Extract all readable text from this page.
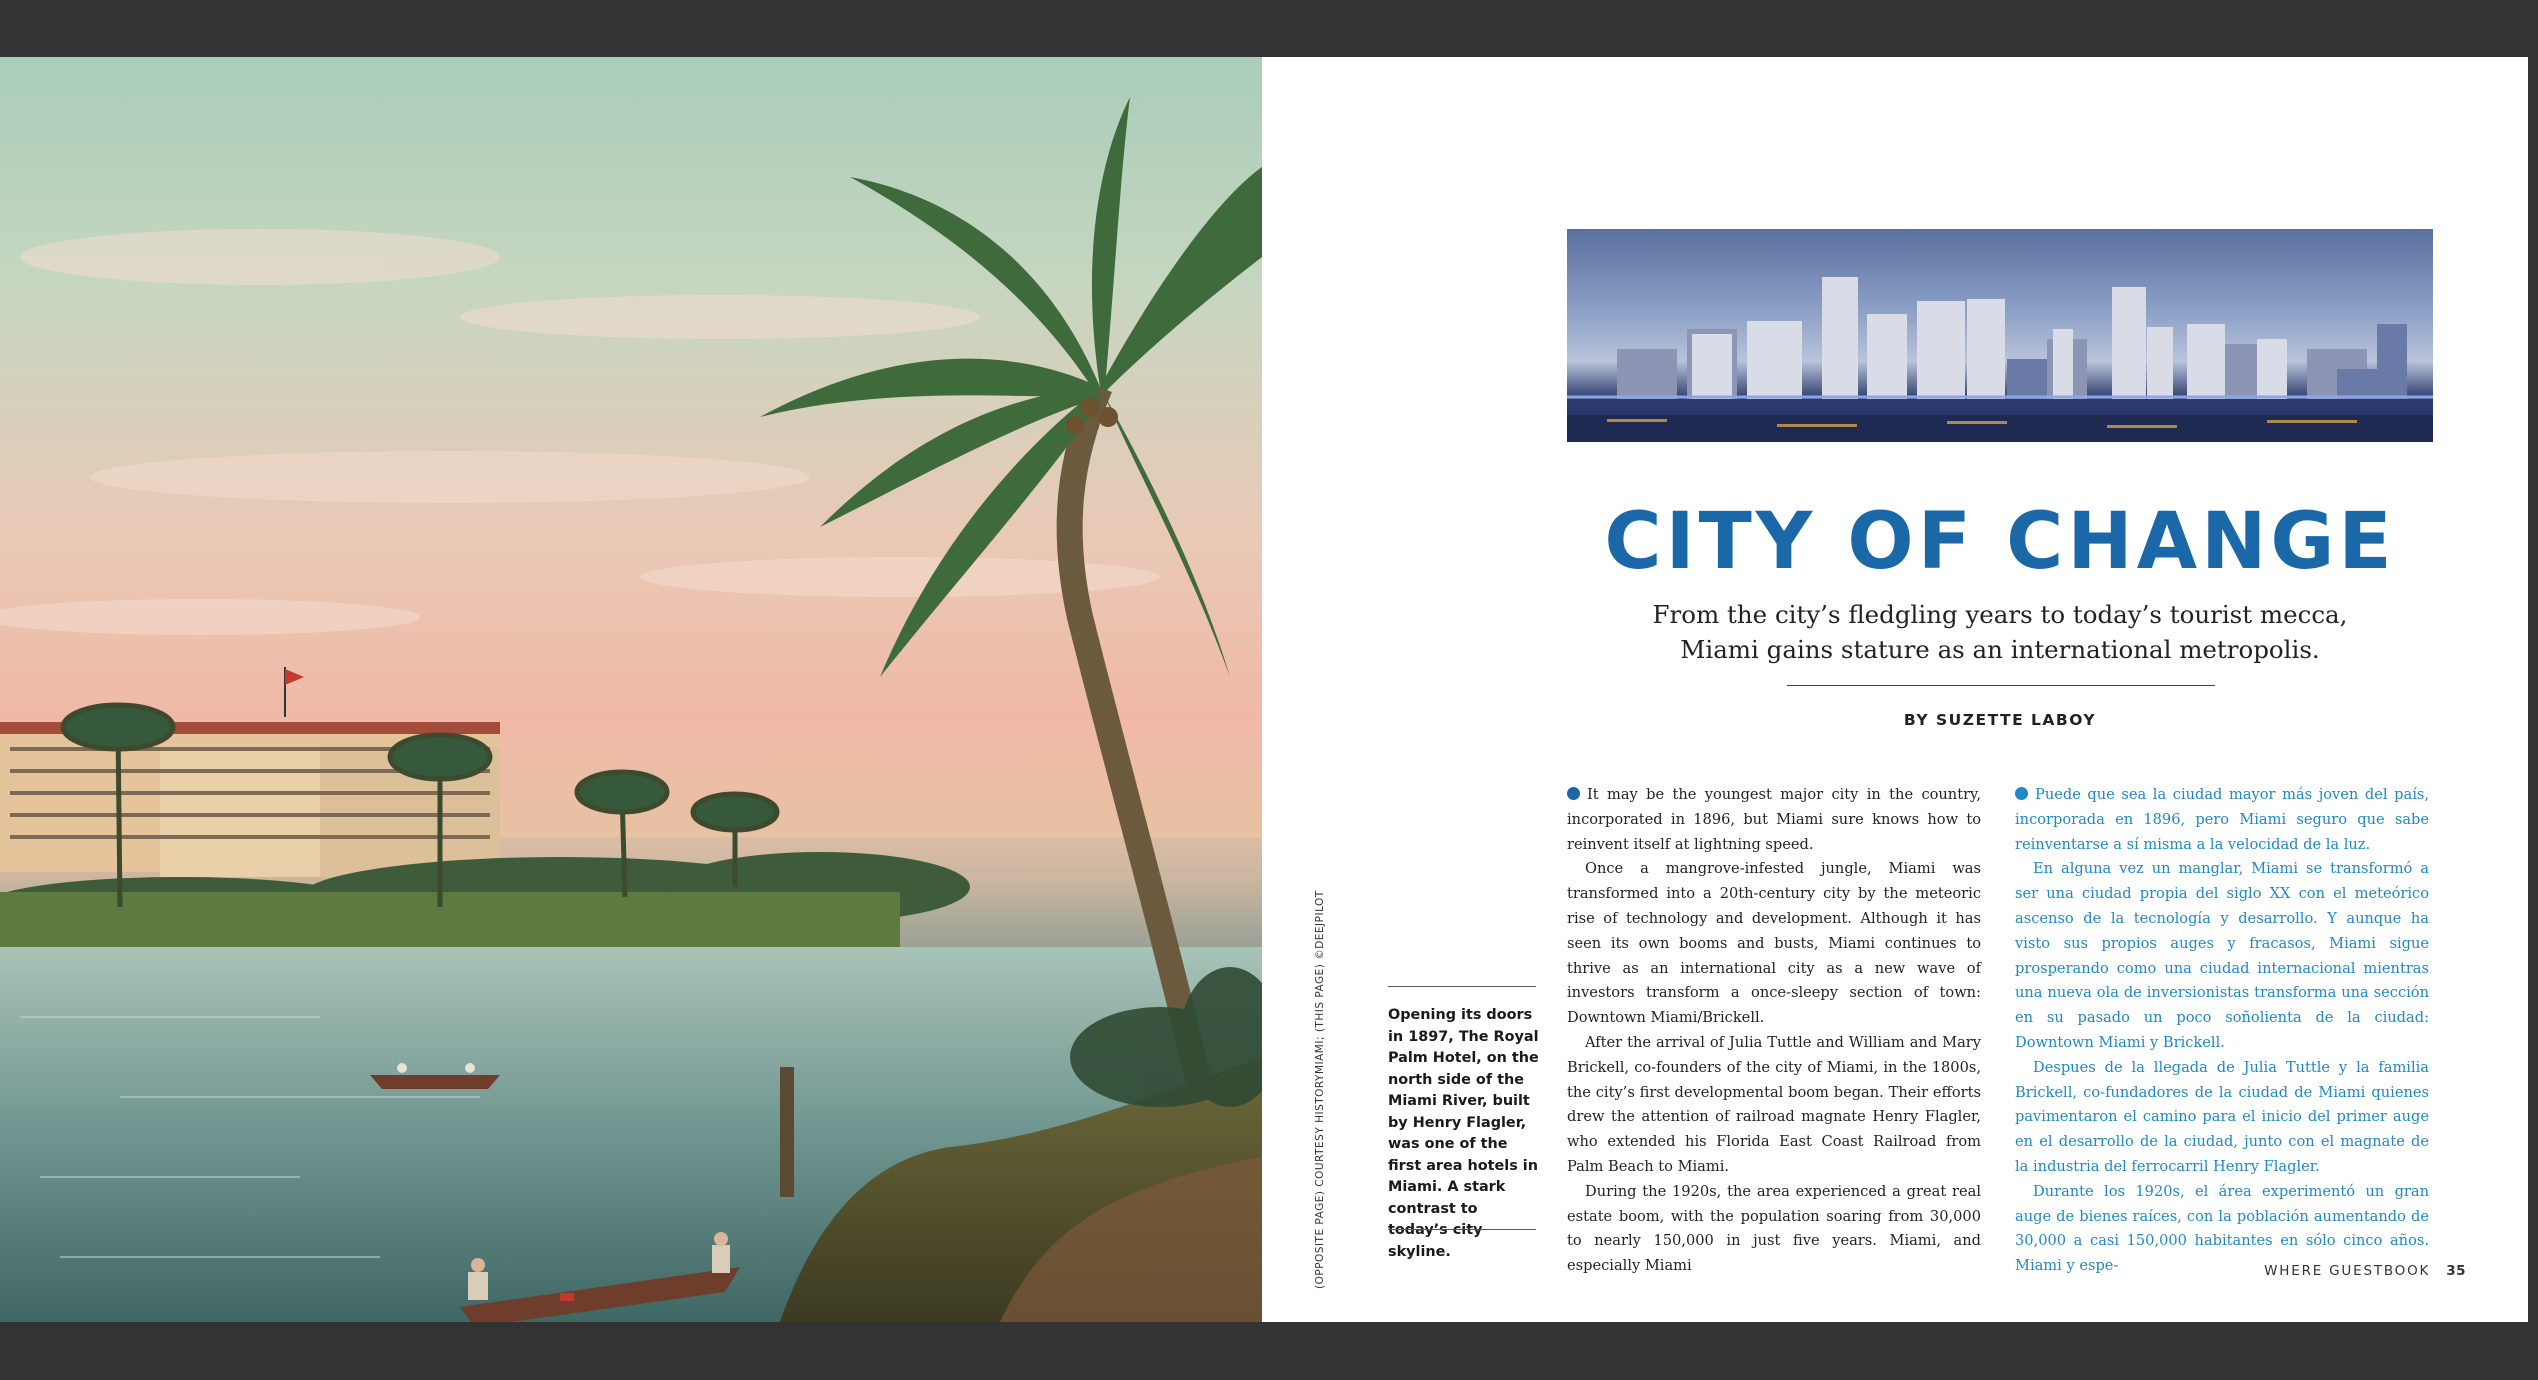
CITY OF CHANGE
From the city’s fledgling years to today’s tourist mecca,
Miami gains stature as an international metropolis.
BY SUZETTE LABOY

It may be the youngest major city in the country, incorporated in 1896, but Miami sure knows how to reinvent itself at lightning speed.

Once a mangrove-infested jungle, Miami was transformed into a 20th-century city by the meteoric rise of technology and development. Although it has seen its own booms and busts, Miami continues to thrive as an international city as a new wave of investors transform a once-sleepy section of town: Downtown Miami/Brickell.

After the arrival of Julia Tuttle and William and Mary Brickell, co-founders of the city of Miami, in the 1800s, the city’s first developmental boom began. Their efforts drew the attention of railroad magnate Henry Flagler, who extended his Florida East Coast Railroad from Palm Beach to Miami.

During the 1920s, the area experienced a great real estate boom, with the population soaring from 30,000 to nearly 150,000 in just five years. Miami, and especially Miami

Puede que sea la ciudad mayor más joven del país, incorporada en 1896, pero Miami seguro que sabe reinventarse a sí misma a la velocidad de la luz.

En alguna vez un manglar, Miami se transformó a ser una ciudad propia del siglo XX con el meteórico ascenso de la tecnología y desarrollo. Y aunque ha visto sus propios auges y fracasos, Miami sigue prosperando como una ciudad internacional mientras una nueva ola de inversionistas transforma una sección en su pasado un poco soñolienta de la ciudad: Downtown Miami y Brickell.

Despues de la llegada de Julia Tuttle y la familia Brickell, co-fundadores de la ciudad de Miami quienes pavimentaron el camino para el inicio del primer auge en el desarrollo de la ciudad, junto con el magnate de la industria del ferrocarril Henry Flagler.

Durante los 1920s, el área experimentó un gran auge de bienes raíces, con la población aumentando de 30,000 a casi 150,000 habitantes en sólo cinco años. Miami y espe-	WHERE GUESTBOOK 35
Opening its doors in 1897, The Royal Palm Hotel, on the north side of the Miami River, built by Henry Flagler, was one of the first area hotels in Miami. A stark contrast to today’s city skyline.
(OPPOSITE PAGE) COURTESY HISTORYMIAMI; (THIS PAGE) ©DEEJPILOT
